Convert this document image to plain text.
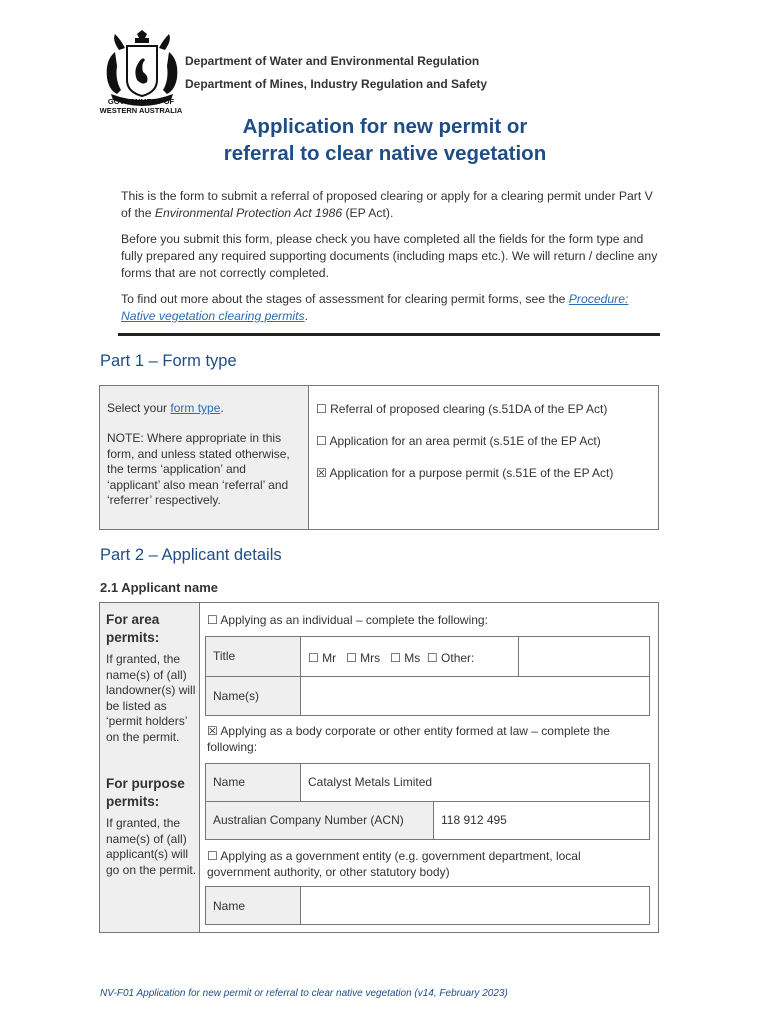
GOVERNMENT OF
WESTERN AUSTRALIA
Department of Water and Environmental Regulation
Department of Mines, Industry Regulation and Safety
Application for new permit or
referral to clear native vegetation
This is the form to submit a referral of proposed clearing or apply for a clearing permit under Part V of the Environmental Protection Act 1986 (EP Act).
Before you submit this form, please check you have completed all the fields for the form type and fully prepared any required supporting documents (including maps etc.). We will return / decline any forms that are not correctly completed.
To find out more about the stages of assessment for clearing permit forms, see the Procedure: Native vegetation clearing permits.
Part 1 – Form type
Select your form type.
NOTE: Where appropriate in this form, and unless stated otherwise, the terms ‘application’ and ‘applicant’ also mean ‘referral’ and ‘referrer’ respectively.
☐ Referral of proposed clearing (s.51DA of the EP Act)
☐ Application for an area permit (s.51E of the EP Act)
☒ Application for a purpose permit (s.51E of the EP Act)
Part 2 – Applicant details
2.1 Applicant name
For area permits:
If granted, the name(s) of (all) landowner(s) will be listed as ‘permit holders’ on the permit.
For purpose permits:
If granted, the name(s) of (all) applicant(s) will go on the permit.
☐ Applying as an individual – complete the following:
Title	☐ Mr   ☐ Mrs   ☐ Ms  ☐ Other:
Name(s)
☒ Applying as a body corporate or other entity formed at law – complete the following:
Name	Catalyst Metals Limited
Australian Company Number (ACN)	118 912 495
☐ Applying as a government entity (e.g. government department, local government authority, or other statutory body)
Name
NV-F01 Application for new permit or referral to clear native vegetation (v14, February 2023)
